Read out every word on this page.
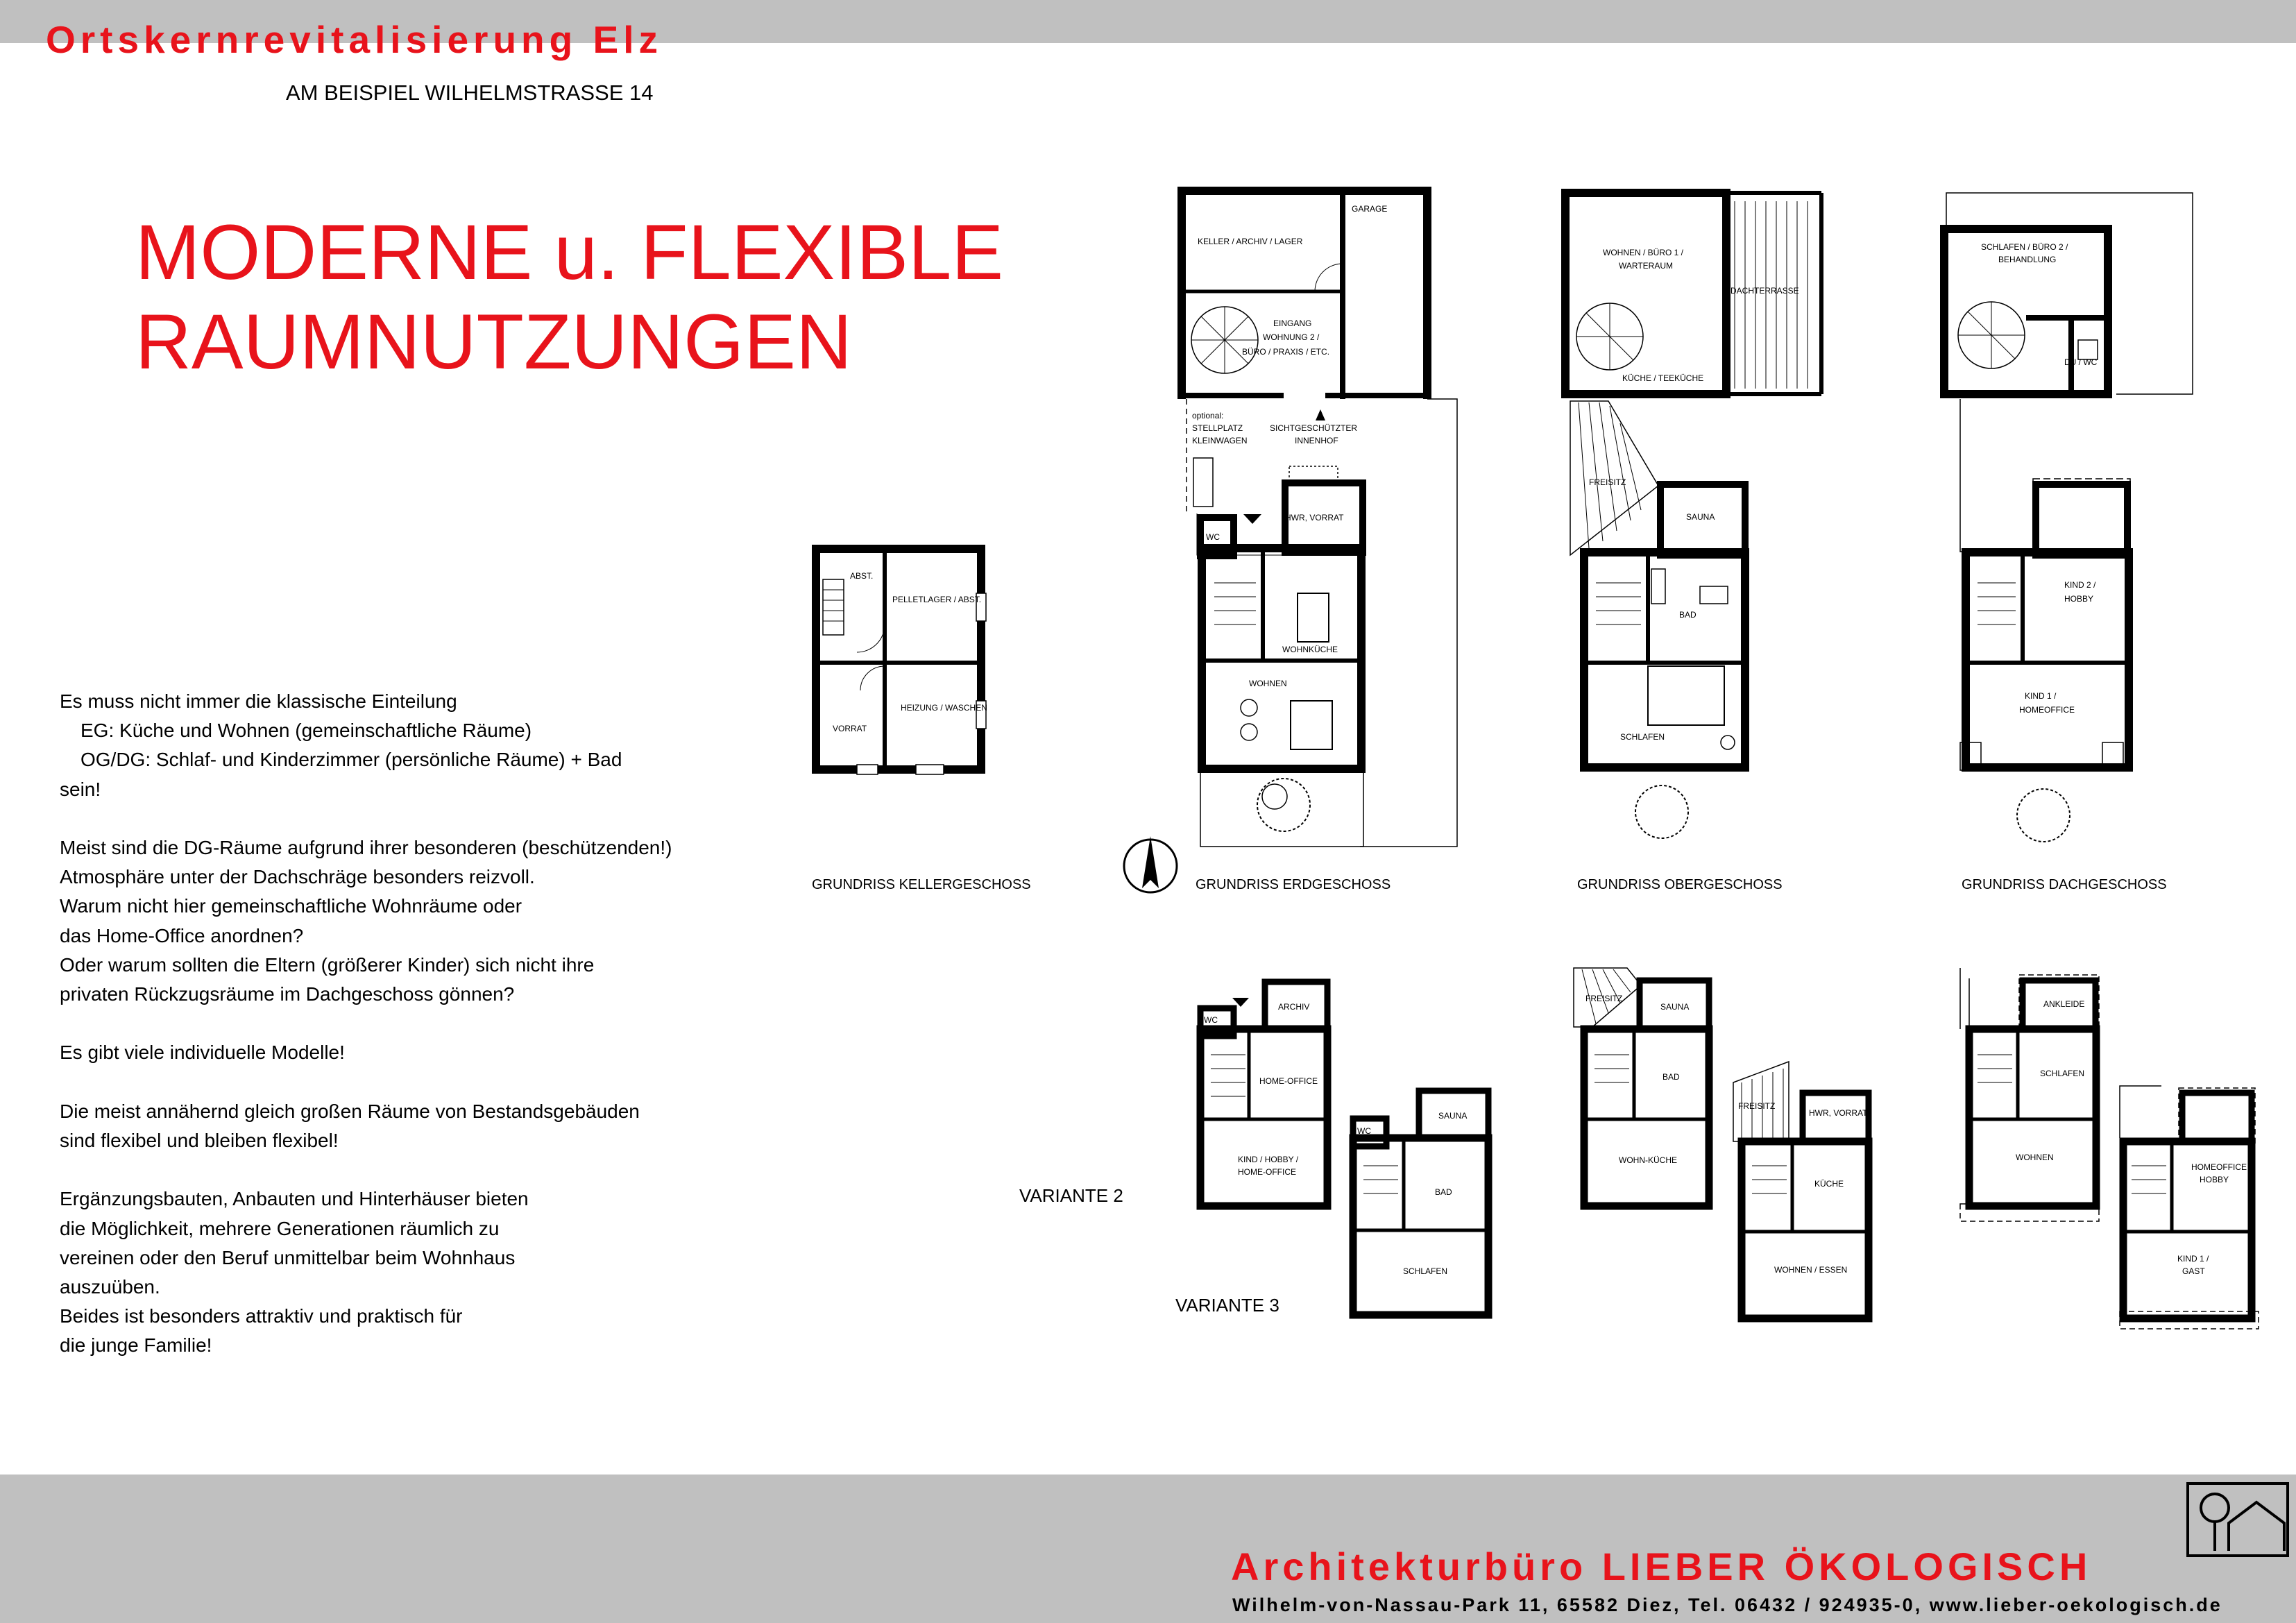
Ortskernrevitalisierung Elz
AM BEISPIEL WILHELMSTRASSE 14
MODERNE u. FLEXIBLE
RAUMNUTZUNGEN

Es muss nicht immer die klassische Einteilung

EG: Küche und Wohnen (gemeinschaftliche Räume)

OG/DG: Schlaf- und Kinderzimmer (persönliche Räume) + Bad

sein!

Meist sind die DG-Räume aufgrund ihrer besonderen (beschützenden!)

Atmosphäre unter der Dachschräge besonders reizvoll.

Warum nicht hier gemeinschaftliche Wohnräume oder

das Home-Office anordnen?

Oder warum sollten die Eltern (größerer Kinder) sich nicht ihre

privaten Rückzugsräume im Dachgeschoss gönnen?

Es gibt viele individuelle Modelle!

Die meist annähernd gleich großen Räume von Bestandsgebäuden

sind flexibel und bleiben flexibel!

Ergänzungsbauten, Anbauten und Hinterhäuser bieten

die Möglichkeit, mehrere Generationen räumlich zu

vereinen oder den Beruf unmittelbar beim Wohnhaus

auszuüben.

Beides ist besonders attraktiv und praktisch für

die junge Familie!

ABST.
PELLETLAGER / ABST.
VORRAT
HEIZUNG / WASCHEN
GARAGE
KELLER / ARCHIV / LAGER
EINGANG
WOHNUNG 2 /
BÜRO / PRAXIS / ETC.
optional:
STELLPLATZ
KLEINWAGEN
SICHTGESCHÜTZTER
INNENHOF
HWR, VORRAT
WC
WOHNKÜCHE
WOHNEN
WOHNEN / BÜRO 1 /
WARTERAUM
DACHTERRASSE
KÜCHE / TEEKÜCHE
FREISITZ
SAUNA
BAD
SCHLAFEN
SCHLAFEN / BÜRO 2 /
BEHANDLUNG
DU / WC
KIND 2 /
HOBBY
KIND 1 /
HOMEOFFICE
WC
ARCHIV
HOME-OFFICE
KIND / HOBBY /
HOME-OFFICE
WC
SAUNA
BAD
SCHLAFEN
FREISITZ
SAUNA
BAD
WOHN-KÜCHE
FREISITZ
HWR, VORRAT
KÜCHE
WOHNEN / ESSEN
ANKLEIDE
SCHLAFEN
WOHNEN
HOMEOFFICE /
HOBBY
KIND 1 /
GAST
GRUNDRISS KELLERGESCHOSS	GRUNDRISS ERDGESCHOSS	GRUNDRISS OBERGESCHOSS	GRUNDRISS DACHGESCHOSS
VARIANTE 2
VARIANTE 3
Architekturbüro LIEBER ÖKOLOGISCH
Wilhelm-von-Nassau-Park 11, 65582 Diez, Tel. 06432 / 924935-0, www.lieber-oekologisch.de
